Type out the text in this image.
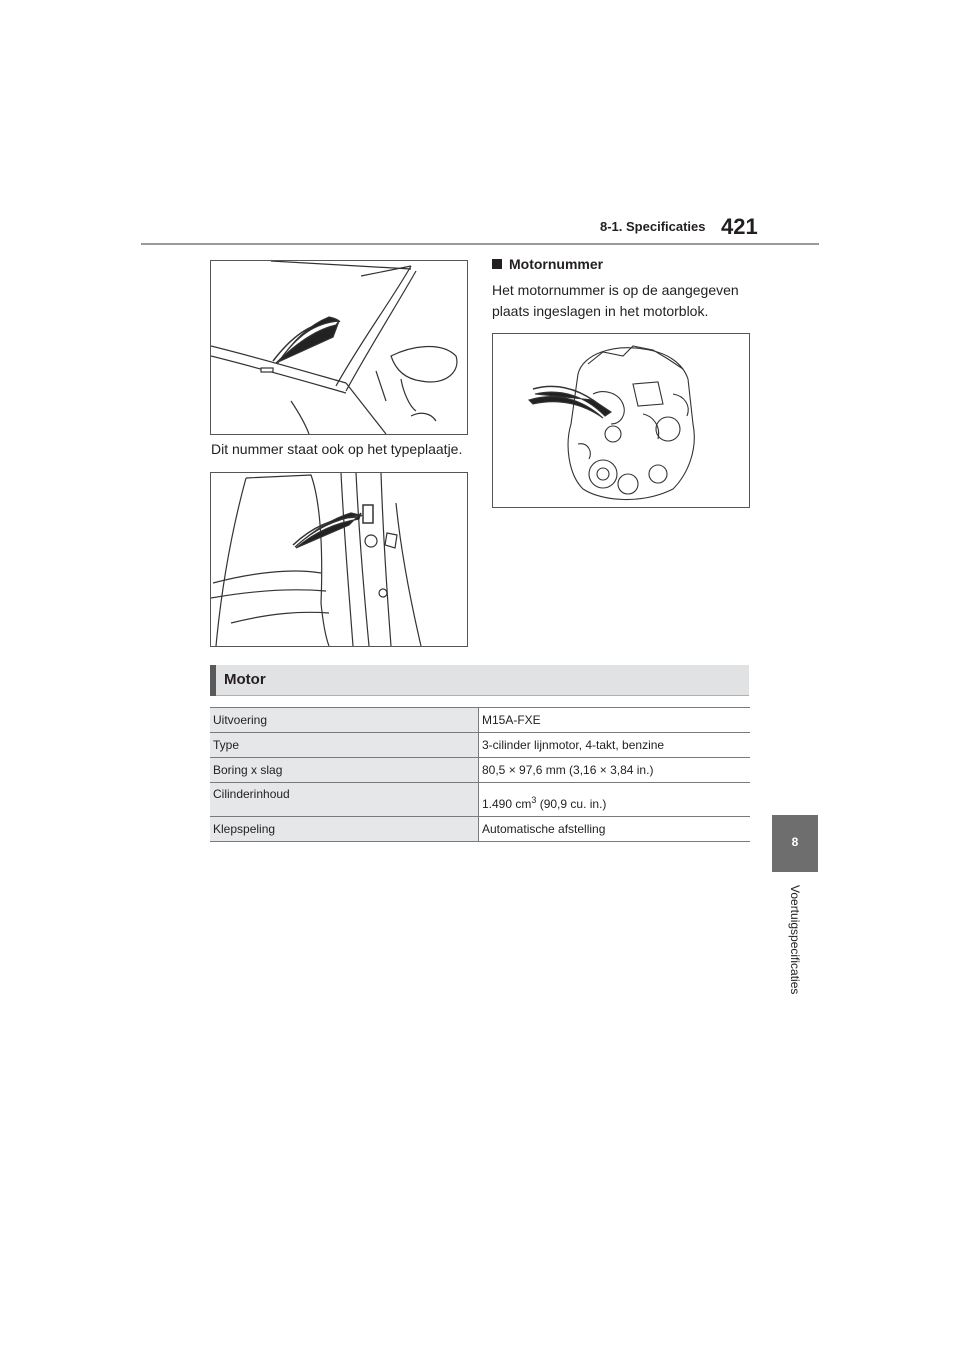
8-1. Specificaties 421
Dit nummer staat ook op het typeplaatje.
Motornummer
Het motornummer is op de aangegeven plaats ingeslagen in het motorblok.
Motor
Uitvoering	M15A-FXE
Type	3-cilinder lijnmotor, 4-takt, benzine
Boring x slag	80,5 × 97,6 mm (3,16 × 3,84 in.)
Cilinderinhoud	1.490 $cm^3$ (90,9 cu. in.)
Klepspeling	Automatische afstelling
8
Voertuigspecificaties
